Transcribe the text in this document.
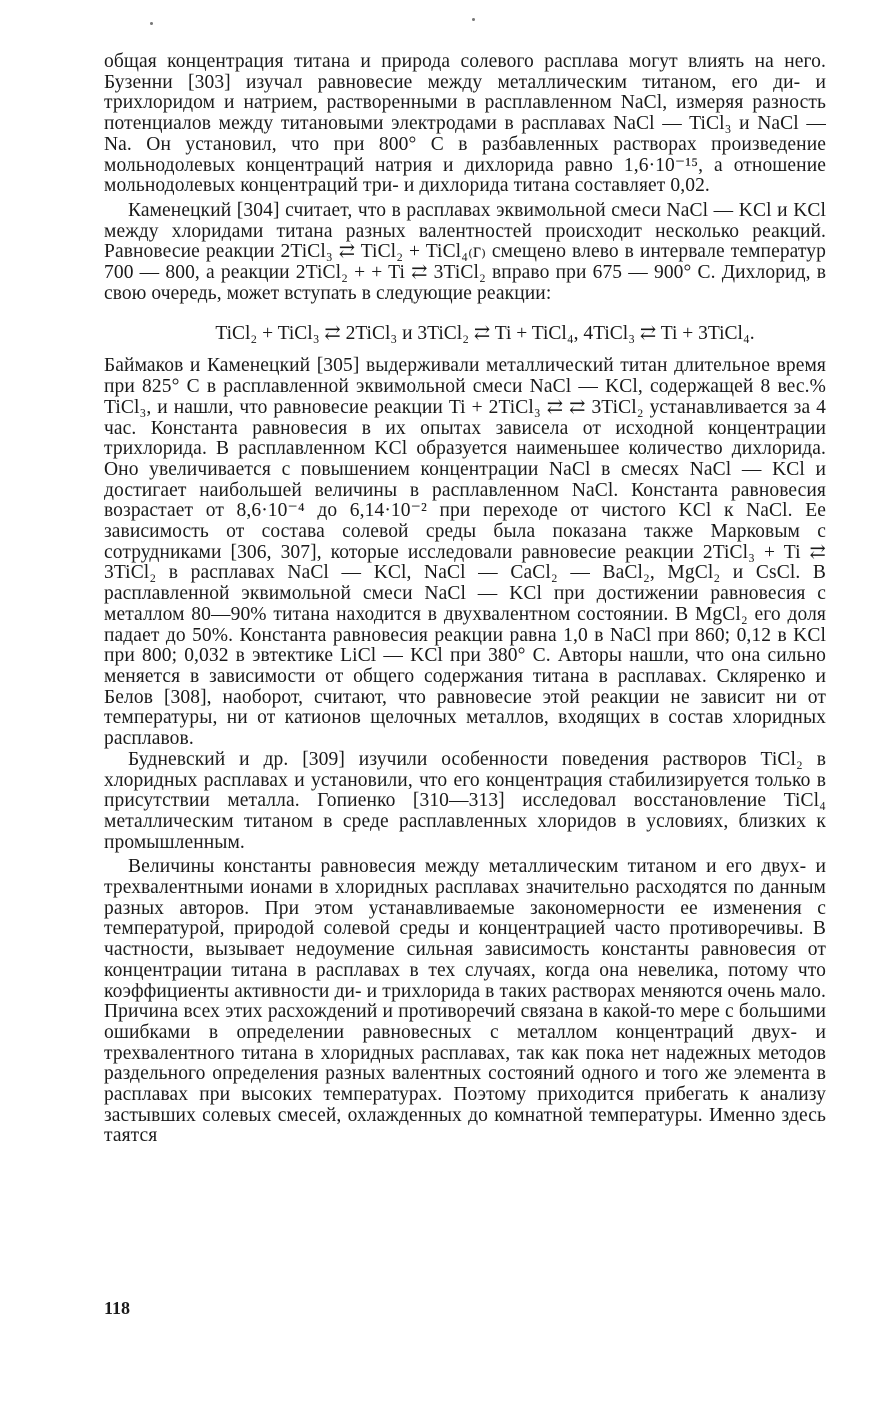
общая концентрация титана и природа солевого расплава могут влиять на него. Бузенни [303] изучал равновесие между металлическим титаном, его ди- и трихлоридом и натрием, растворенными в расплавленном NaCl, измеряя разность потенциалов между титановыми электродами в расплавах NaCl — TiCl₃ и NaCl — Na. Он установил, что при 800° С в разбавленных растворах произведение мольнодолевых концентраций натрия и дихлорида равно 1,6·10⁻¹⁵, а отношение мольнодолевых концентраций три- и дихлорида титана составляет 0,02.

Каменецкий [304] считает, что в расплавах эквимольной смеси NaCl — KCl и KCl между хлоридами титана разных валентностей происходит несколько реакций. Равновесие реакции 2TiCl₃ ⇄ TiCl₂ + TiCl₄₍г₎ смещено влево в интервале температур 700 — 800, а реакции 2TiCl₂ + + Ti ⇄ 3TiCl₂ вправо при 675 — 900° С. Дихлорид, в свою очередь, может вступать в следующие реакции:

TiCl₂ + TiCl₃ ⇄ 2TiCl₃ и 3TiCl₂ ⇄ Ti + TiCl₄, 4TiCl₃ ⇄ Ti + 3TiCl₄.

Баймаков и Каменецкий [305] выдерживали металлический титан длительное время при 825° С в расплавленной эквимольной смеси NaCl — KCl, содержащей 8 вес.% TiCl₃, и нашли, что равновесие реакции Ti + 2TiCl₃ ⇄ ⇄ 3TiCl₂ устанавливается за 4 час. Константа равновесия в их опытах зависела от исходной концентрации трихлорида. В расплавленном KCl образуется наименьшее количество дихлорида. Оно увеличивается с повышением концентрации NaCl в смесях NaCl — KCl и достигает наибольшей величины в расплавленном NaCl. Константа равновесия возрастает от 8,6·10⁻⁴ до 6,14·10⁻² при переходе от чистого KCl к NaCl. Ее зависимость от состава солевой среды была показана также Марковым с сотрудниками [306, 307], которые исследовали равновесие реакции 2TiCl₃ + Ti ⇄ 3TiCl₂ в расплавах NaCl — KCl, NaCl — CaCl₂ — BaCl₂, MgCl₂ и CsCl. В расплавленной эквимольной смеси NaCl — KCl при достижении равновесия с металлом 80—90% титана находится в двухвалентном состоянии. В MgCl₂ его доля падает до 50%. Константа равновесия реакции равна 1,0 в NaCl при 860; 0,12 в KCl при 800; 0,032 в эвтектике LiCl — KCl при 380° С. Авторы нашли, что она сильно меняется в зависимости от общего содержания титана в расплавах. Скляренко и Белов [308], наоборот, считают, что равновесие этой реакции не зависит ни от температуры, ни от катионов щелочных металлов, входящих в состав хлоридных расплавов.

Будневский и др. [309] изучили особенности поведения растворов TiCl₂ в хлоридных расплавах и установили, что его концентрация стабилизируется только в присутствии металла. Гопиенко [310—313] исследовал восстановление TiCl₄ металлическим титаном в среде расплавленных хлоридов в условиях, близких к промышленным.

Величины константы равновесия между металлическим титаном и его двух- и трехвалентными ионами в хлоридных расплавах значительно расходятся по данным разных авторов. При этом устанавливаемые закономерности ее изменения с температурой, природой солевой среды и концентрацией часто противоречивы. В частности, вызывает недоумение сильная зависимость константы равновесия от концентрации титана в расплавах в тех случаях, когда она невелика, потому что коэффициенты активности ди- и трихлорида в таких растворах меняются очень мало. Причина всех этих расхождений и противоречий связана в какой-то мере с большими ошибками в определении равновесных с металлом концентраций двух- и трехвалентного титана в хлоридных расплавах, так как пока нет надежных методов раздельного определения разных валентных состояний одного и того же элемента в расплавах при высоких температурах. Поэтому приходится прибегать к анализу застывших солевых смесей, охлажденных до комнатной температуры. Именно здесь таятся

118
